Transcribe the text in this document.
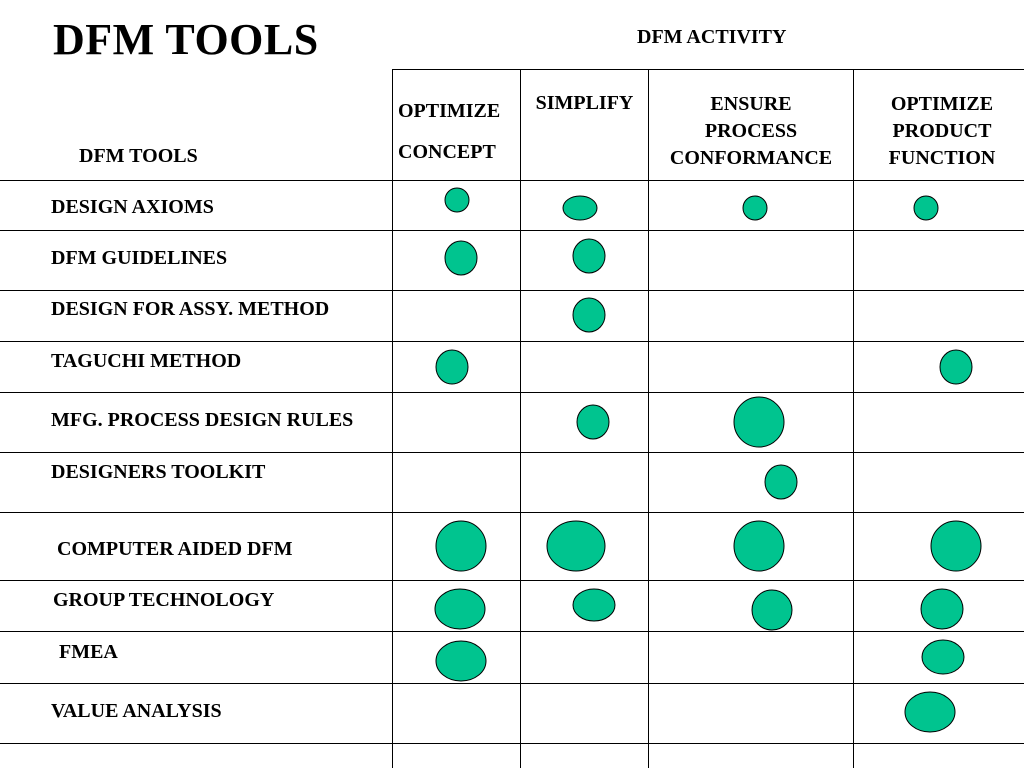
DFM TOOLS	DFM ACTIVITY
DFM TOOLS
OPTIMIZE
CONCEPT
SIMPLIFY	ENSURE
PROCESS
CONFORMANCE
OPTIMIZE
PRODUCT
FUNCTION
DESIGN AXIOMS
DFM GUIDELINES
DESIGN FOR ASSY. METHOD
TAGUCHI METHOD
MFG. PROCESS DESIGN RULES
DESIGNERS TOOLKIT
COMPUTER AIDED DFM
GROUP TECHNOLOGY
FMEA
VALUE ANALYSIS
